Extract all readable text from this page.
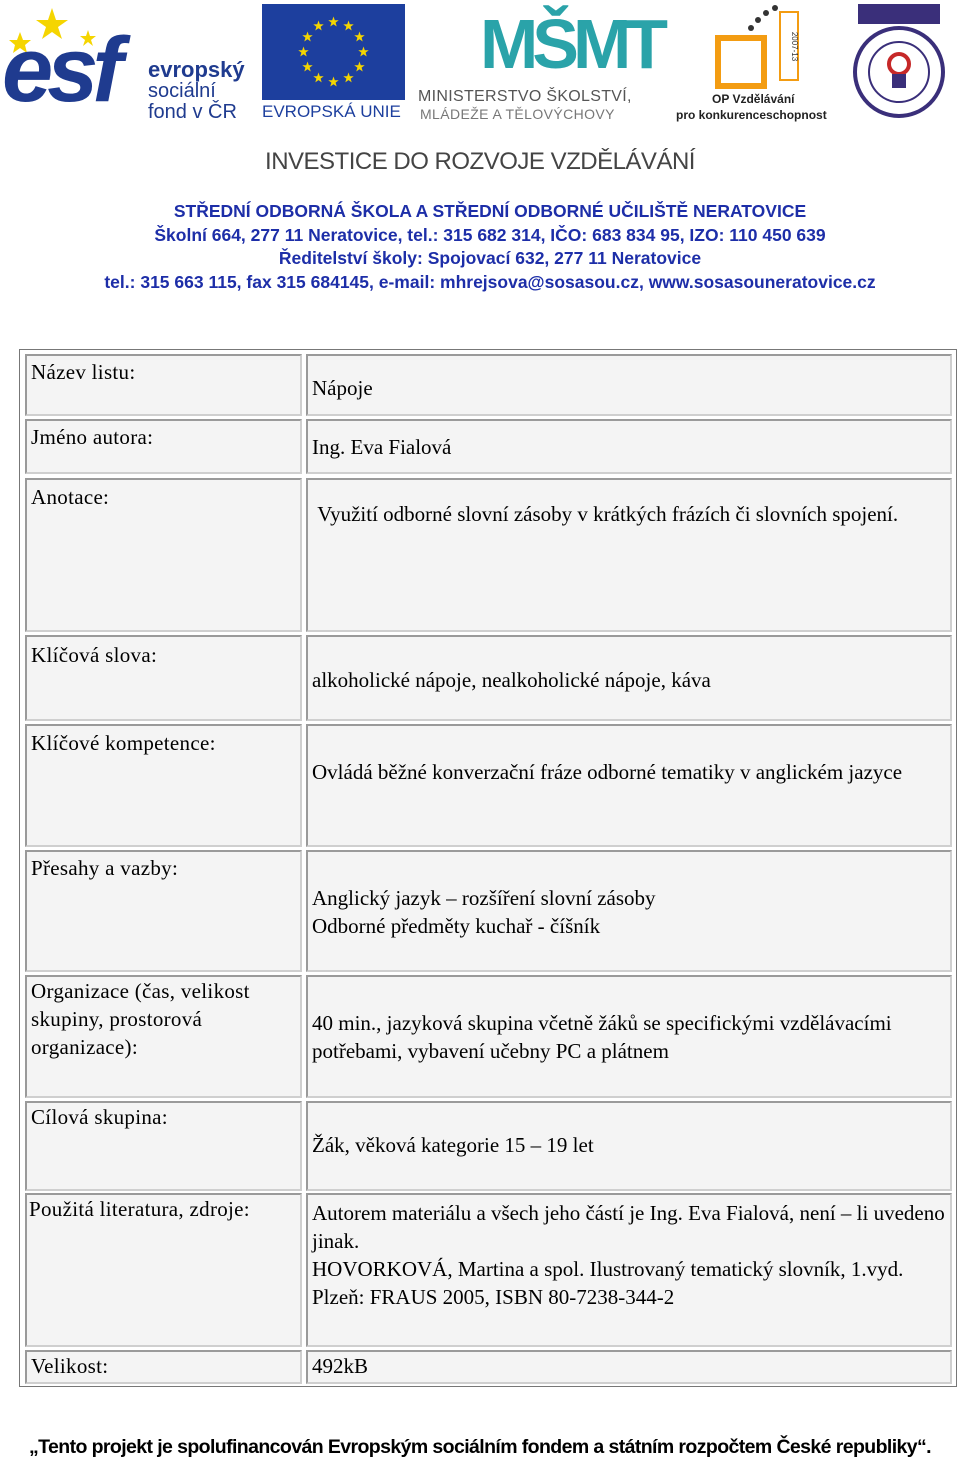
esf evropský
sociální
fond v ČR EVROPSKÁ UNIE
MŠMT
MINISTERSTVO ŠKOLSTVÍ,
MLÁDEŽE A TĚLOVÝCHOVY
2007-13
OP Vzdělávání
pro konkurenceschopnost
INVESTICE DO ROZVOJE VZDĚLÁVÁNÍ
STŘEDNÍ ODBORNÁ ŠKOLA A STŘEDNÍ ODBORNÉ UČILIŠTĚ NERATOVICE
Školní 664, 277 11 Neratovice, tel.: 315 682 314, IČO: 683 834 95, IZO: 110 450 639
Ředitelství školy: Spojovací 632, 277 11 Neratovice
tel.: 315 663 115, fax 315 684145, e-mail: mhrejsova@sosasou.cz, www.sosasouneratovice.cz
Název listu:
Nápoje
Jméno autora:	Ing. Eva Fialová
Anotace:
Využití odborné slovní zásoby v krátkých frázích či slovních spojení.
Klíčová slova:
alkoholické nápoje, nealkoholické nápoje, káva
Klíčové kompetence:
Ovládá běžné konverzační fráze odborné tematiky v anglickém jazyce
Přesahy a vazby:
Anglický jazyk – rozšíření slovní zásoby
Odborné předměty kuchař - číšník
Organizace (čas, velikost skupiny, prostorová organizace):
40 min., jazyková skupina včetně žáků se specifickými vzdělávacími potřebami, vybavení učebny PC a plátnem
Cílová skupina:
Žák, věková kategorie 15 – 19 let
Použitá literatura, zdroje:	Autorem materiálu a všech jeho částí je Ing. Eva Fialová, není – li uvedeno jinak.
HOVORKOVÁ, Martina a spol. Ilustrovaný tematický slovník, 1.vyd. Plzeň: FRAUS 2005, ISBN 80-7238-344-2
Velikost:	492kB
„Tento projekt je spolufinancován Evropským sociálním fondem a státním rozpočtem České republiky“.
